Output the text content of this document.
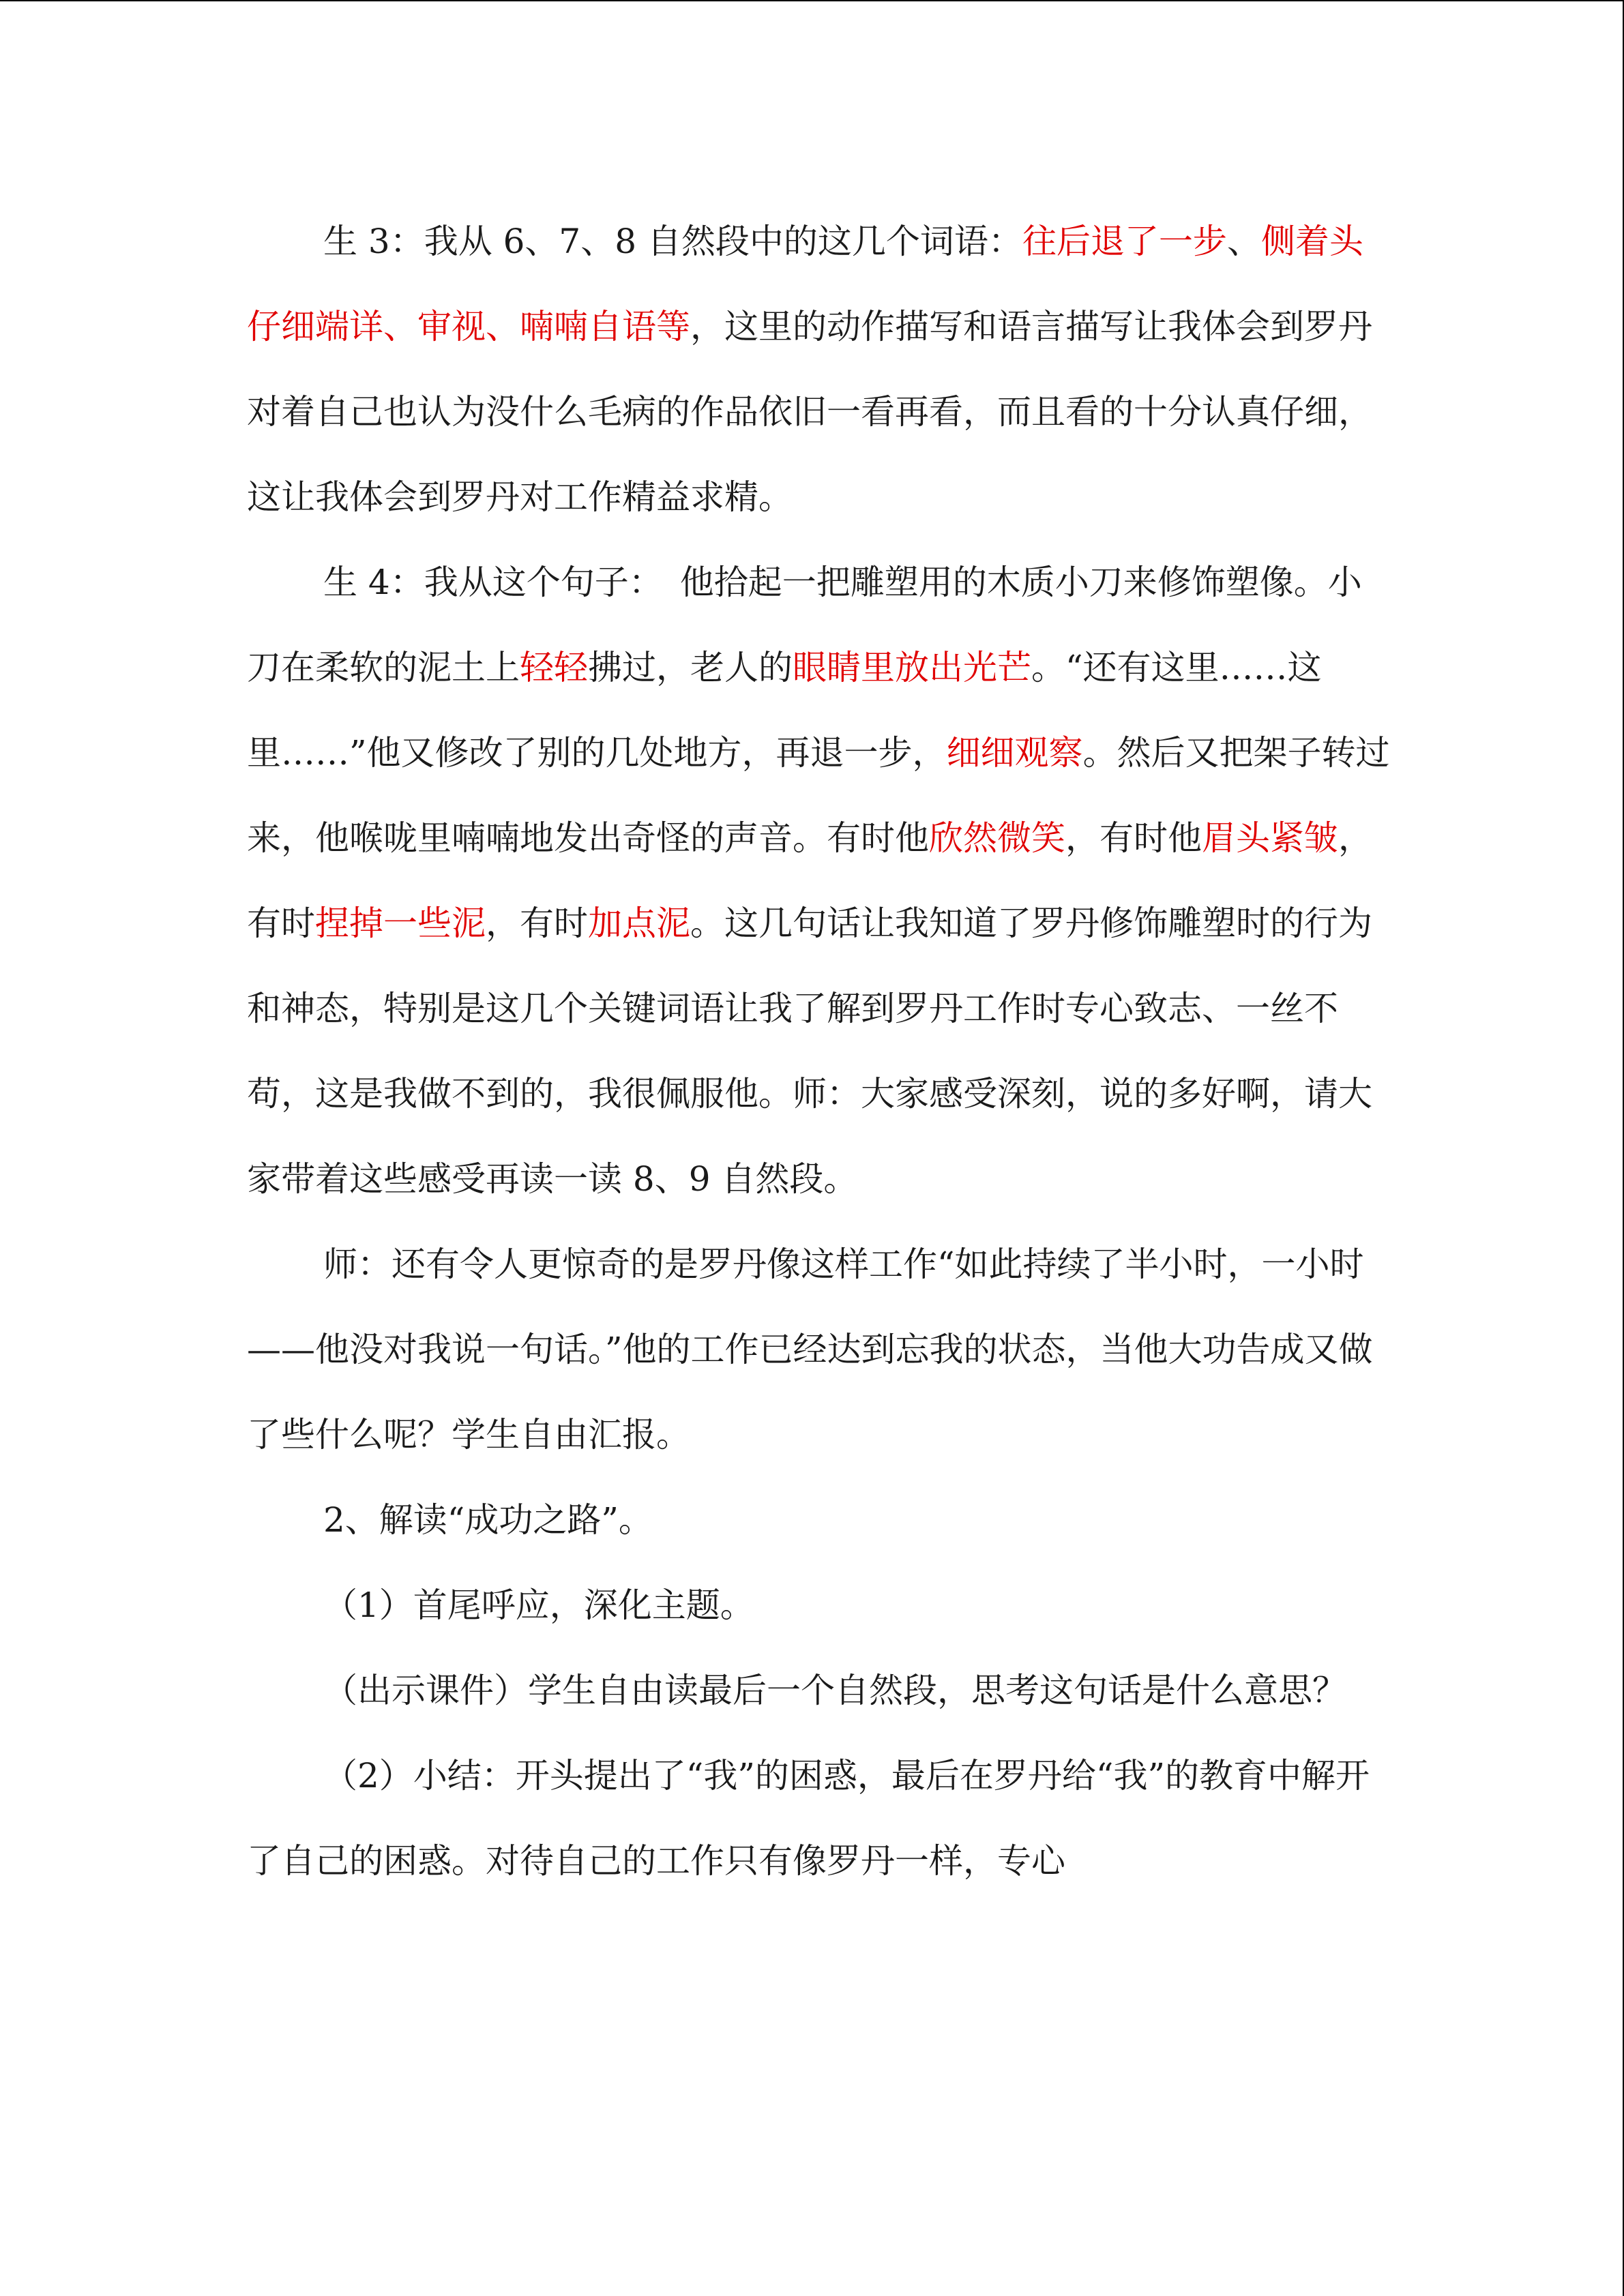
生 3：我从 6、7、8 自然段中的这几个词语：往后退了一步、侧着头仔细端详、审视、喃喃自语等，这里的动作描写和语言描写让我体会到罗丹对着自己也认为没什么毛病的作品依旧一看再看，而且看的十分认真仔细，这让我体会到罗丹对工作精益求精。

生 4：我从这个句子：　他拾起一把雕塑用的木质小刀来修饰塑像。小刀在柔软的泥土上轻轻拂过，老人的眼睛里放出光芒。“还有这里……这里……”他又修改了别的几处地方，再退一步，细细观察。然后又把架子转过来，他喉咙里喃喃地发出奇怪的声音。有时他欣然微笑，有时他眉头紧皱，有时捏掉一些泥，有时加点泥。这几句话让我知道了罗丹修饰雕塑时的行为和神态，特别是这几个关键词语让我了解到罗丹工作时专心致志、一丝不苟，这是我做不到的，我很佩服他。师：大家感受深刻，说的多好啊，请大家带着这些感受再读一读 8、9 自然段。

师：还有令人更惊奇的是罗丹像这样工作“如此持续了半小时，一小时——他没对我说一句话。”他的工作已经达到忘我的状态，当他大功告成又做了些什么呢？学生自由汇报。

2、解读“成功之路”。

（1）首尾呼应，深化主题。

（出示课件）学生自由读最后一个自然段，思考这句话是什么意思？

（2）小结：开头提出了“我”的困惑，最后在罗丹给“我”的教育中解开了自己的困惑。对待自己的工作只有像罗丹一样，专心
